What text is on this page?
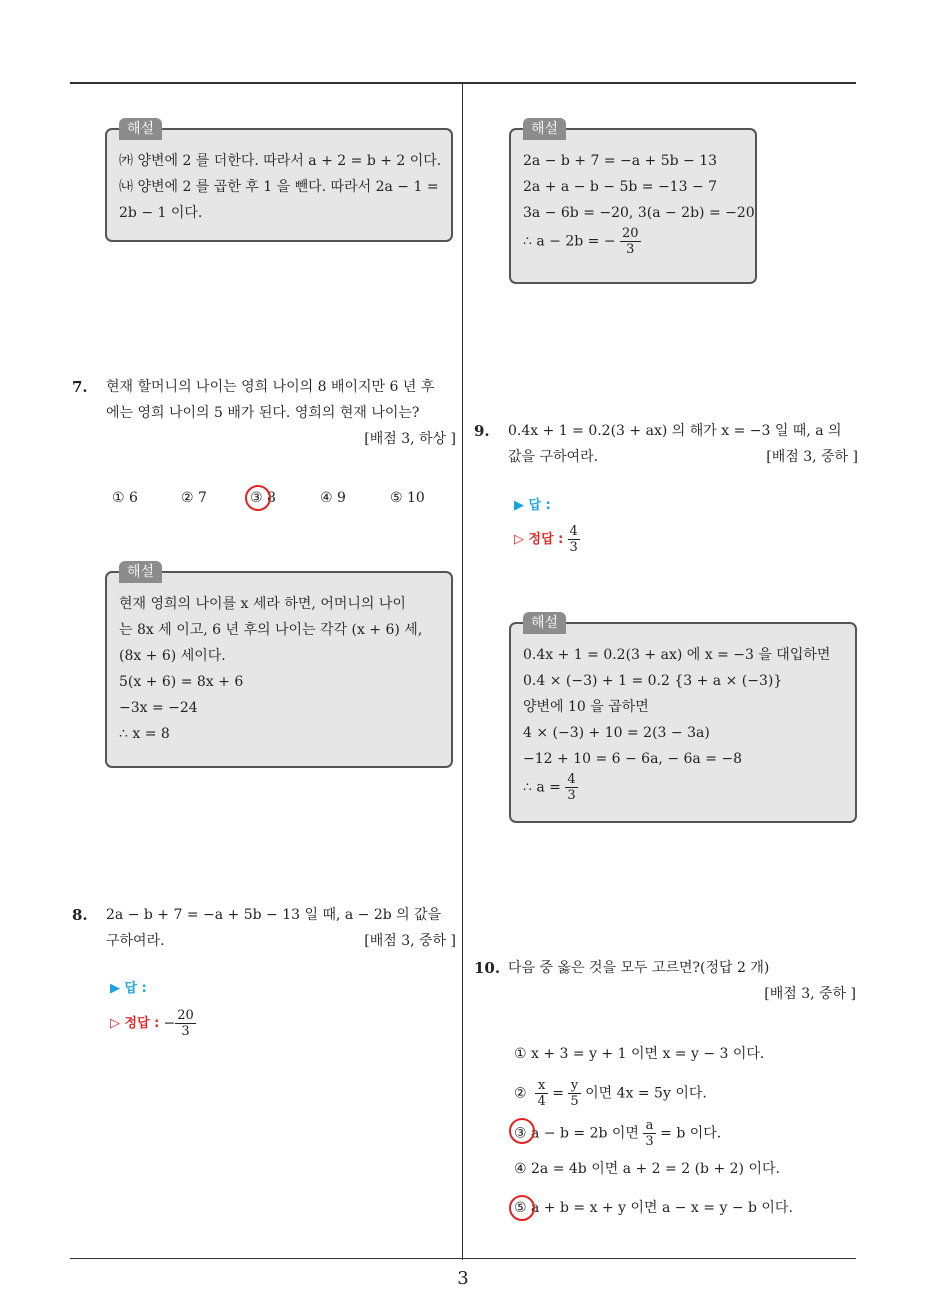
해설
㈎ 양변에 2 를 더한다. 따라서 a + 2 = b + 2 이다.
㈏ 양변에 2 를 곱한 후 1 을 뺀다. 따라서 2a − 1 =
2b − 1 이다.
7. 현재 할머니의 나이는 영희 나이의 8 배이지만 6 년 후
에는 영희 나이의 5 배가 된다. 영희의 현재 나이는?
[배점 3, 하상 ]
① 6	② 7	③ 8	④ 9	⑤ 10
해설
현재 영희의 나이를 x 세라 하면, 어머니의 나이
는 8x 세 이고, 6 년 후의 나이는 각각 (x + 6) 세,
(8x + 6) 세이다.
5(x + 6) = 8x + 6
−3x = −24
∴ x = 8
8. 2a − b + 7 = −a + 5b − 13 일 때, a − 2b 의 값을
구하여라.	[배점 3, 중하 ]
▶ 답 :
▷ 정답 : − $\frac{20}{3}$
해설
2a − b + 7 = −a + 5b − 13
2a + a − b − 5b = −13 − 7
3a − 6b = −20, 3(a − 2b) = −20
∴ a − 2b = − $\frac{20}{3}$
9. 0.4x + 1 = 0.2(3 + ax) 의 해가 x = −3 일 때, a 의
값을 구하여라.	[배점 3, 중하 ]
▶ 답 :
▷ 정답 : $\frac{4}{3}$
해설
0.4x + 1 = 0.2(3 + ax) 에 x = −3 을 대입하면
0.4 × (−3) + 1 = 0.2 {3 + a × (−3)}
양변에 10 을 곱하면
4 × (−3) + 10 = 2(3 − 3a)
−12 + 10 = 6 − 6a, − 6a = −8
∴ $a = \frac{4}{3}$
10. 다음 중 옳은 것을 모두 고르면?(정답 2 개)
[배점 3, 중하 ]
① x + 3 = y + 1 이면 x = y − 3 이다.
② $\frac{x}{4} = \frac{y}{5}$ 이면 4x = 5y 이다.
③ a − b = 2b 이면 $\frac{a}{3} = b$ 이다.
④ 2a = 4b 이면 a + 2 = 2 (b + 2) 이다.
⑤ a + b = x + y 이면 a − x = y − b 이다.
3
